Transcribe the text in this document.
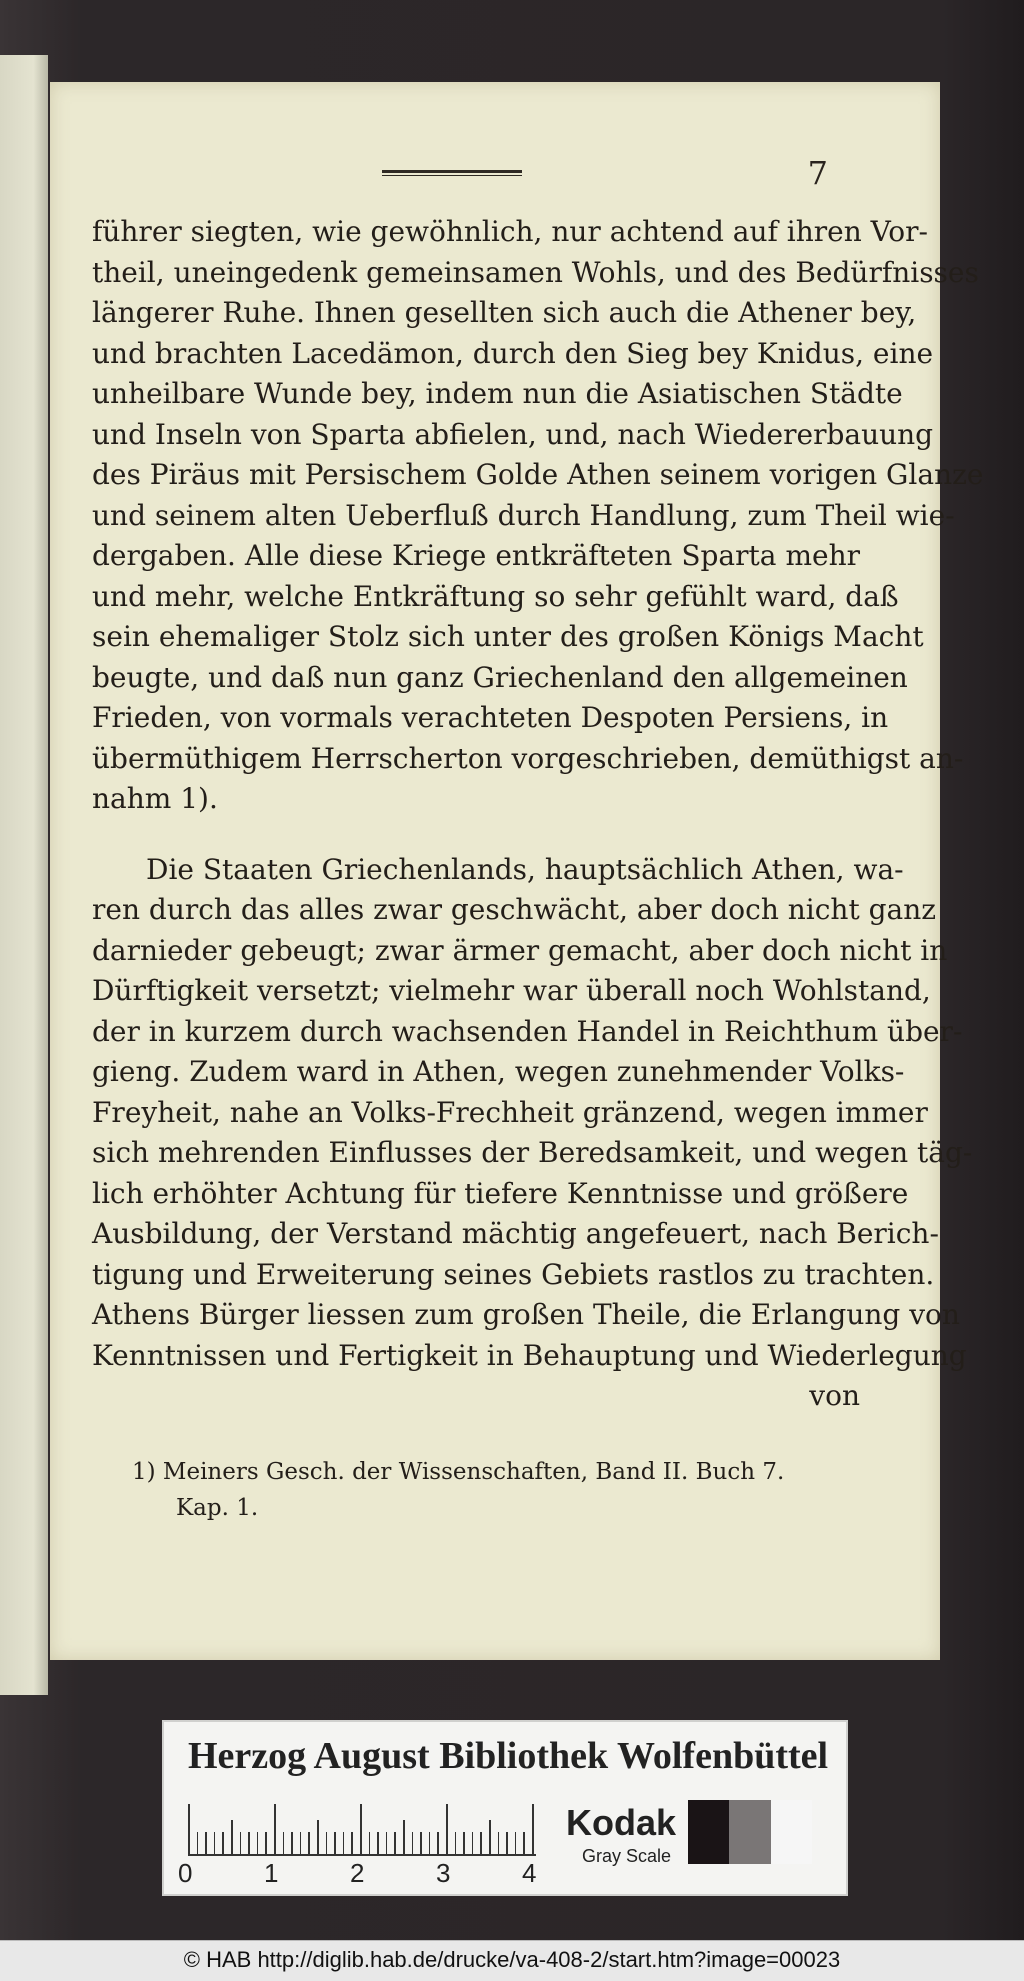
7
führer siegten, wie gewöhnlich, nur achtend auf ihren Vor-
theil, uneingedenk gemeinsamen Wohls, und des Bedürfnisses
längerer Ruhe. Ihnen gesellten sich auch die Athener bey,
und brachten Lacedämon, durch den Sieg bey Knidus, eine
unheilbare Wunde bey, indem nun die Asiatischen Städte
und Inseln von Sparta abfielen, und, nach Wiedererbauung
des Piräus mit Persischem Golde Athen seinem vorigen Glanze
und seinem alten Ueberfluß durch Handlung, zum Theil wie-
dergaben. Alle diese Kriege entkräfteten Sparta mehr
und mehr, welche Entkräftung so sehr gefühlt ward, daß
sein ehemaliger Stolz sich unter des großen Königs Macht
beugte, und daß nun ganz Griechenland den allgemeinen
Frieden, von vormals verachteten Despoten Persiens, in
übermüthigem Herrscherton vorgeschrieben, demüthigst an-
nahm 1).
Die Staaten Griechenlands, hauptsächlich Athen, wa-
ren durch das alles zwar geschwächt, aber doch nicht ganz
darnieder gebeugt; zwar ärmer gemacht, aber doch nicht in
Dürftigkeit versetzt; vielmehr war überall noch Wohlstand,
der in kurzem durch wachsenden Handel in Reichthum über-
gieng. Zudem ward in Athen, wegen zunehmender Volks-
Freyheit, nahe an Volks-Frechheit gränzend, wegen immer
sich mehrenden Einflusses der Beredsamkeit, und wegen täg-
lich erhöhter Achtung für tiefere Kenntnisse und größere
Ausbildung, der Verstand mächtig angefeuert, nach Berich-
tigung und Erweiterung seines Gebiets rastlos zu trachten.
Athens Bürger liessen zum großen Theile, die Erlangung von
Kenntnissen und Fertigkeit in Behauptung und Wiederlegung
von
1) Meiners Gesch. der Wissenschaften, Band II. Buch 7.
Kap. 1.
Herzog August Bibliothek Wolfenbüttel
0	1	2	3	4
Kodak
Gray Scale
© HAB http://diglib.hab.de/drucke/va-408-2/start.htm?image=00023
